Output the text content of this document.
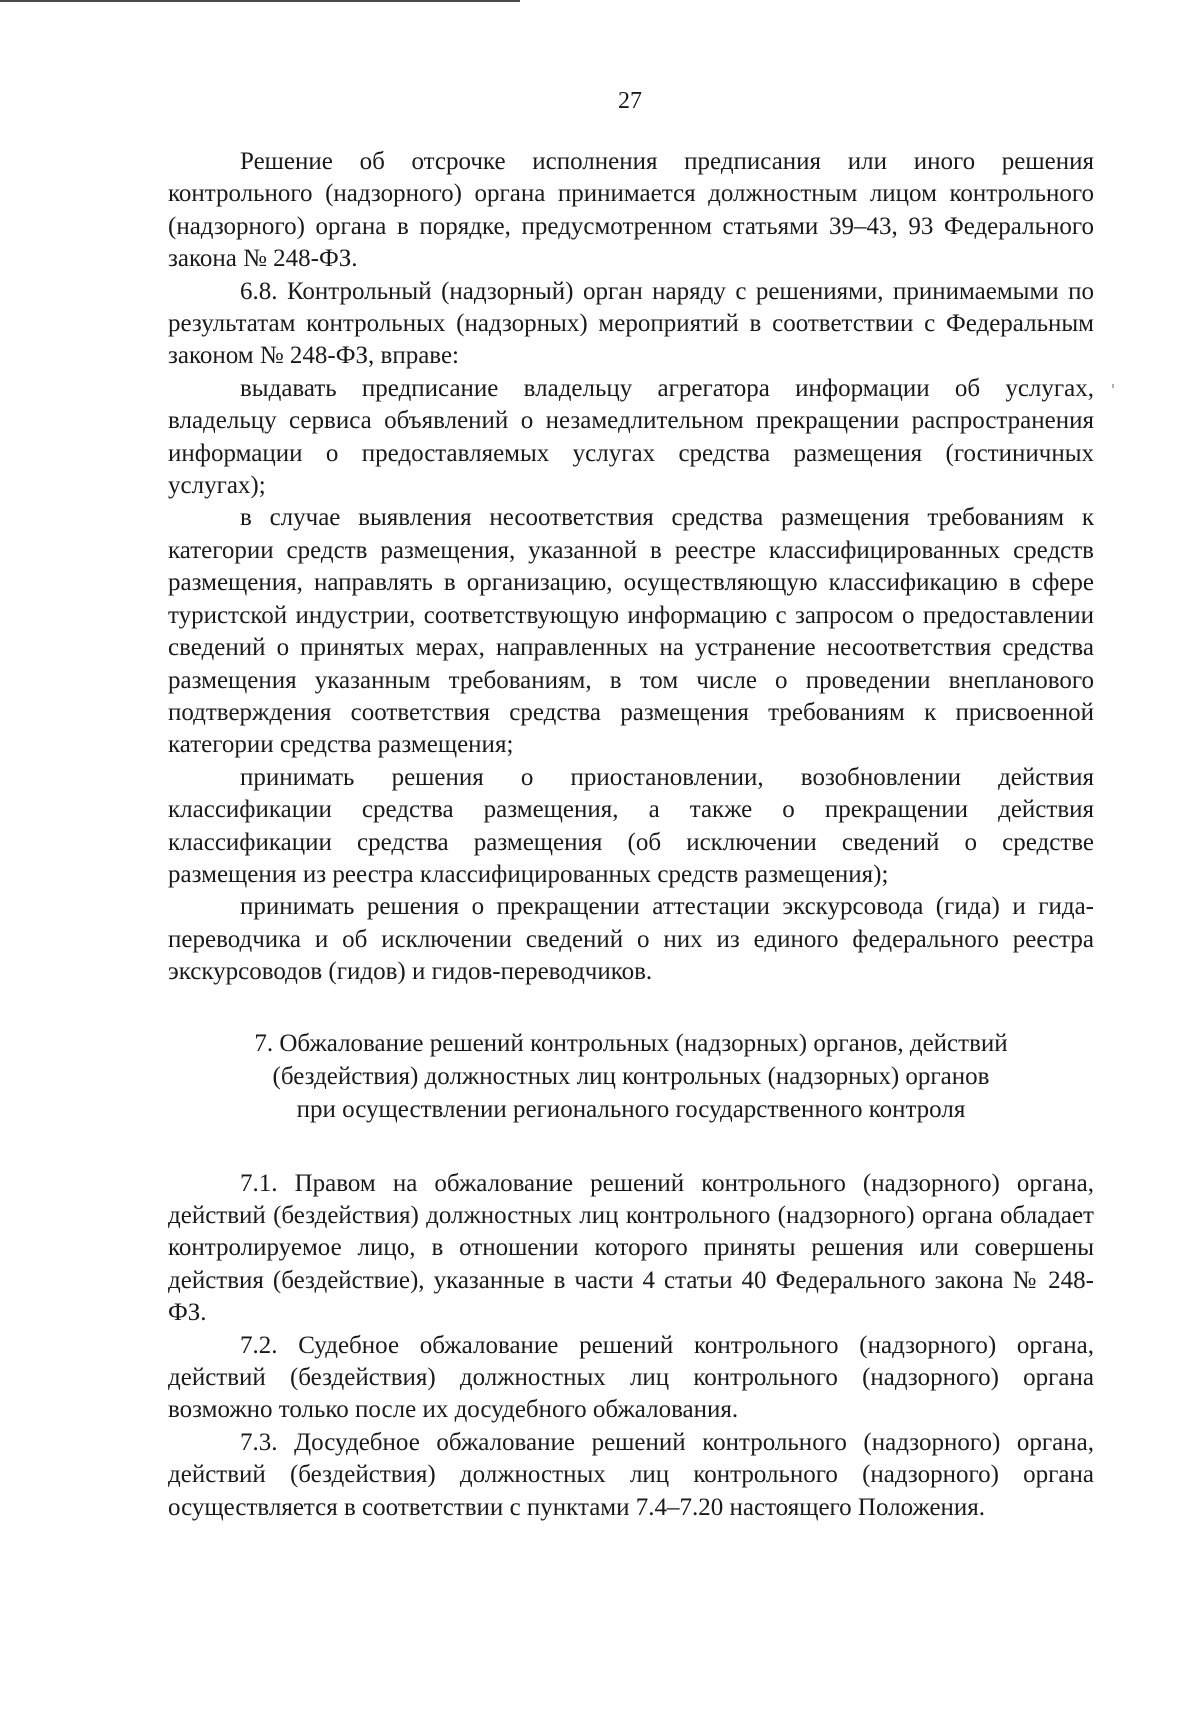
27

Решение об отсрочке исполнения предписания или иного решения контрольного (надзорного) органа принимается должностным лицом контрольного (надзорного) органа в порядке, предусмотренном статьями 39–43, 93 Федерального закона № 248-ФЗ.

6.8. Контрольный (надзорный) орган наряду с решениями, принимаемыми по результатам контрольных (надзорных) мероприятий в соответствии с Федеральным законом № 248-ФЗ, вправе:

выдавать предписание владельцу агрегатора информации об услугах, владельцу сервиса объявлений о незамедлительном прекращении распространения информации о предоставляемых услугах средства размещения (гостиничных услугах);

в случае выявления несоответствия средства размещения требованиям к категории средств размещения, указанной в реестре классифицированных средств размещения, направлять в организацию, осуществляющую классификацию в сфере туристской индустрии, соответствующую информацию с запросом о предоставлении сведений о принятых мерах, направленных на устранение несоответствия средства размещения указанным требованиям, в том числе о проведении внепланового подтверждения соответствия средства размещения требованиям к присвоенной категории средства размещения;

принимать решения о приостановлении, возобновлении действия классификации средства размещения, а также о прекращении действия классификации средства размещения (об исключении сведений о средстве размещения из реестра классифицированных средств размещения);

принимать решения о прекращении аттестации экскурсовода (гида) и гида-переводчика и об исключении сведений о них из единого федерального реестра экскурсоводов (гидов) и гидов-переводчиков.

7. Обжалование решений контрольных (надзорных) органов, действий
(бездействия) должностных лиц контрольных (надзорных) органов
при осуществлении регионального государственного контроля

7.1. Правом на обжалование решений контрольного (надзорного) органа, действий (бездействия) должностных лиц контрольного (надзорного) органа обладает контролируемое лицо, в отношении которого приняты решения или совершены действия (бездействие), указанные в части 4 статьи 40 Федерального закона № 248-ФЗ.

7.2. Судебное обжалование решений контрольного (надзорного) органа, действий (бездействия) должностных лиц контрольного (надзорного) органа возможно только после их досудебного обжалования.

7.3. Досудебное обжалование решений контрольного (надзорного) органа, действий (бездействия) должностных лиц контрольного (надзорного) органа осуществляется в соответствии с пунктами 7.4–7.20 настоящего Положения.
